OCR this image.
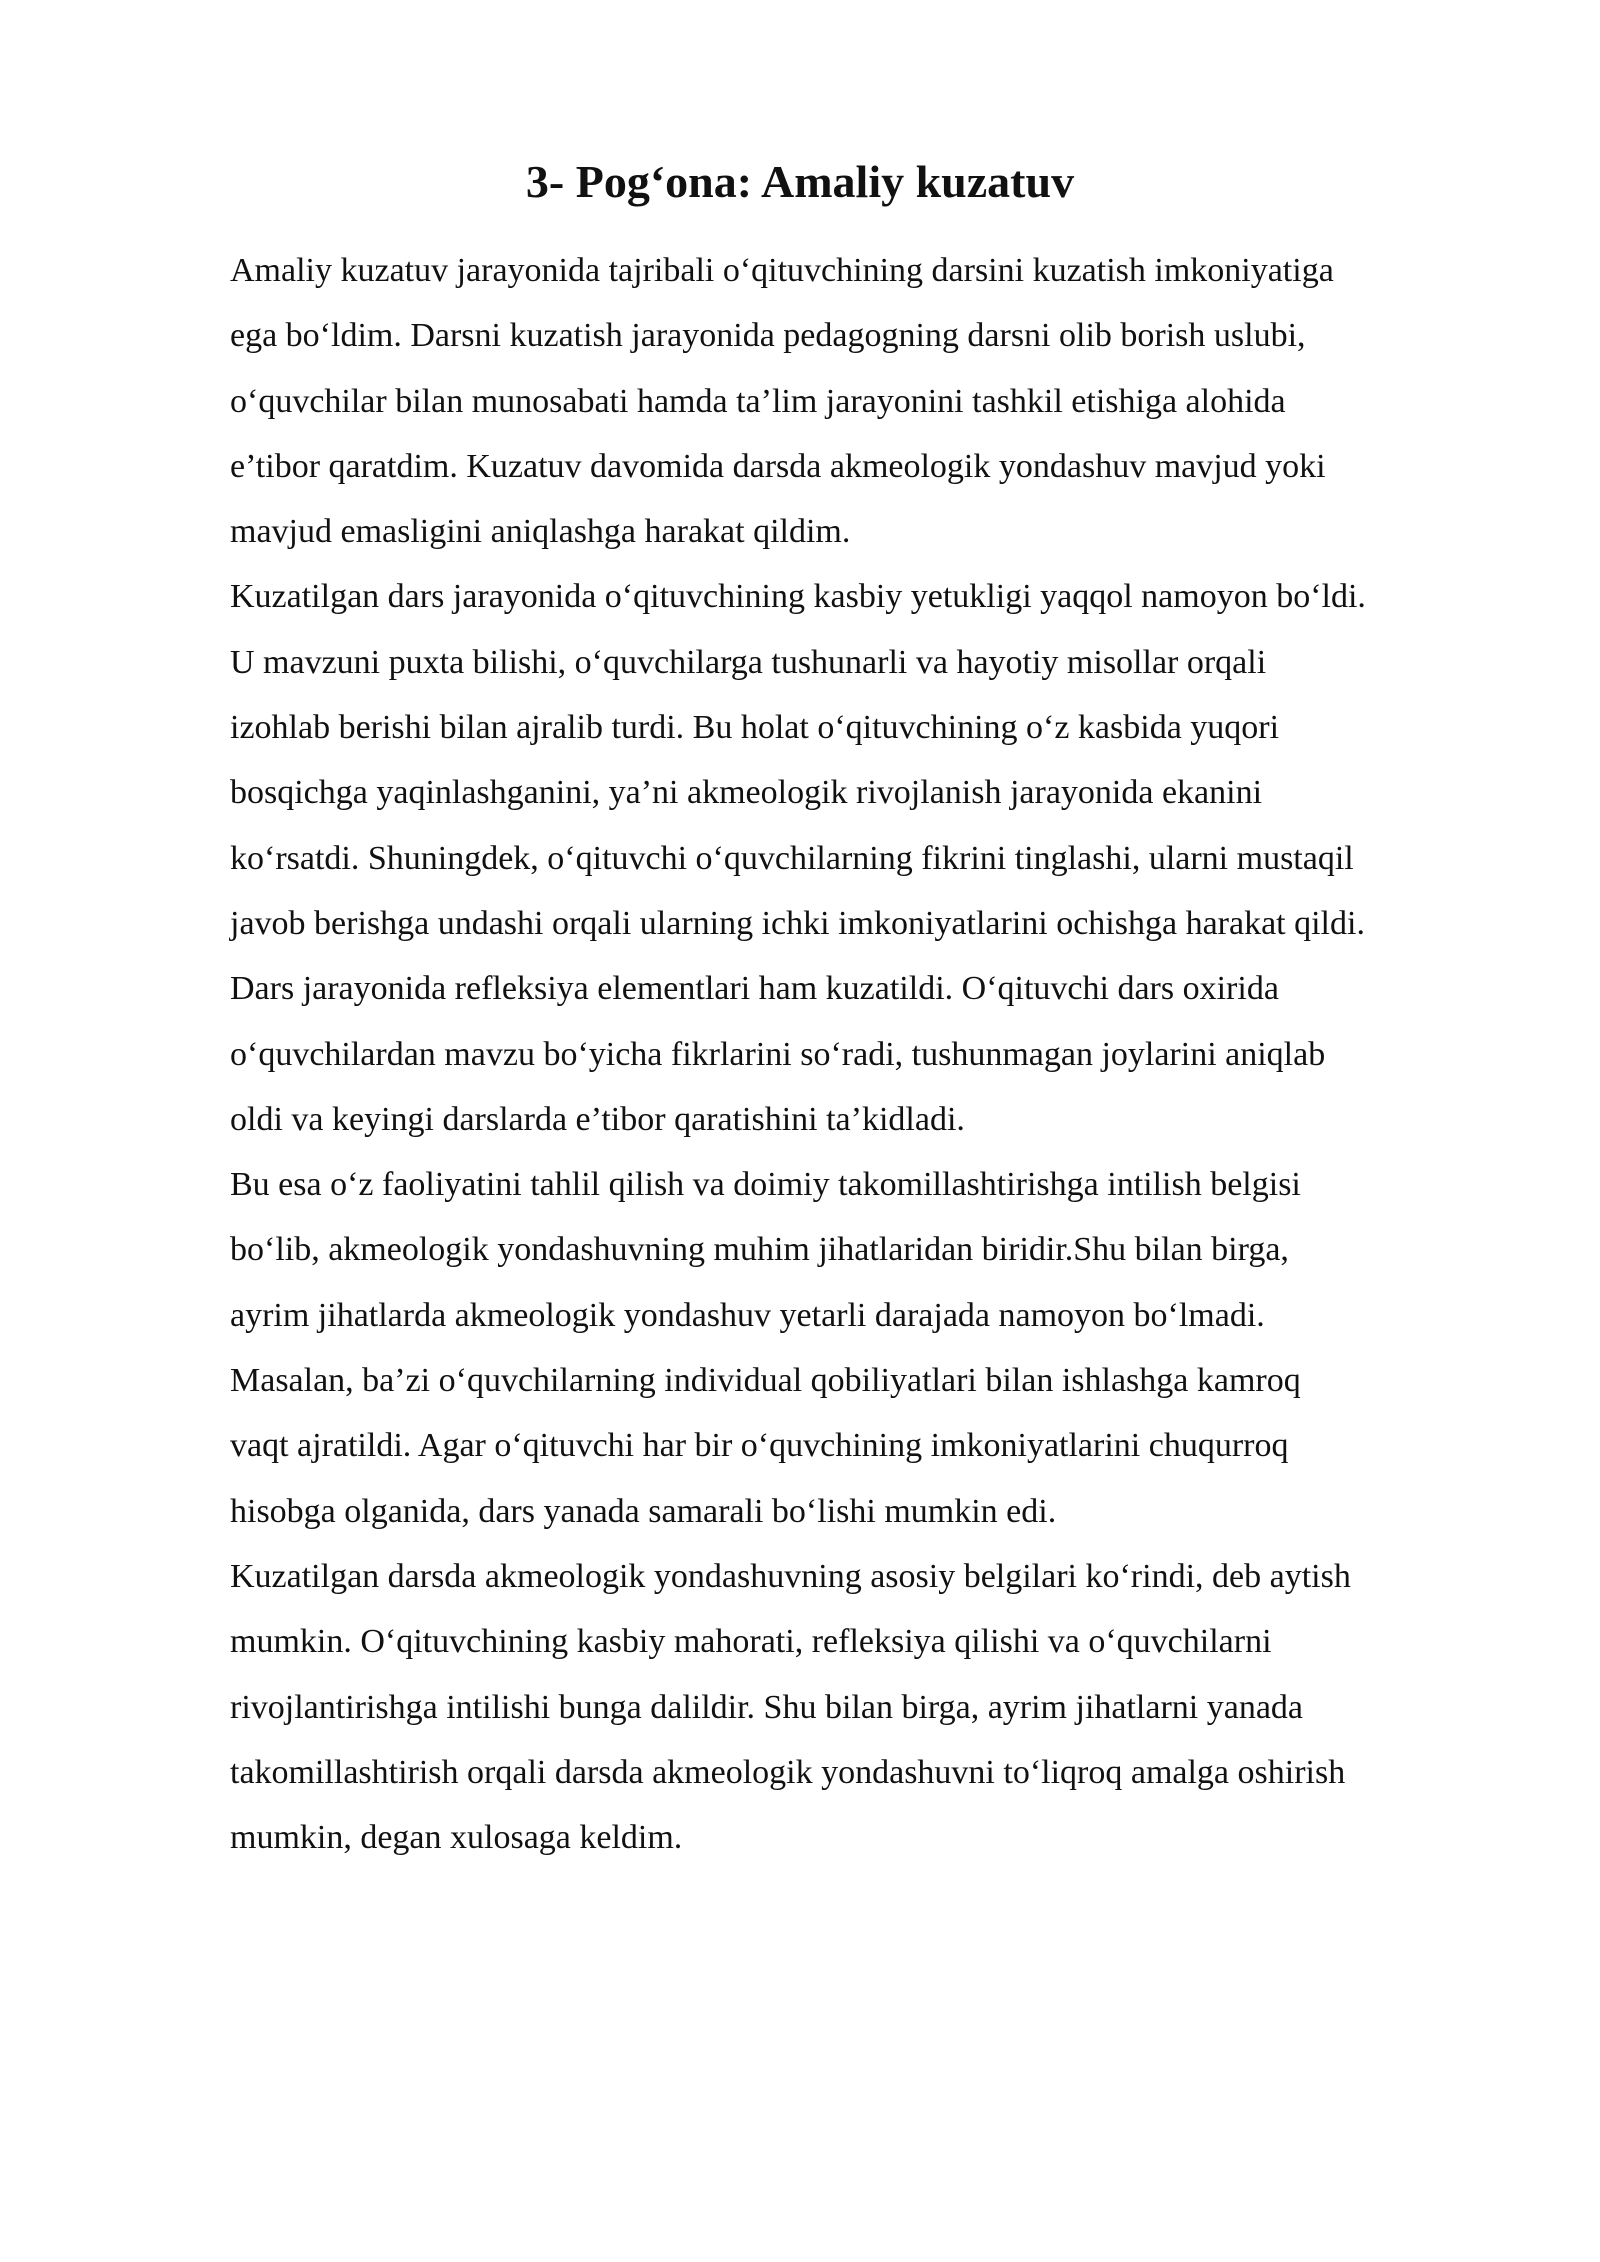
3- Pog‘ona: Amaliy kuzatuv
Amaliy kuzatuv jarayonida tajribali o‘qituvchining darsini kuzatish imkoniyatiga
ega bo‘ldim. Darsni kuzatish jarayonida pedagogning darsni olib borish uslubi,
o‘quvchilar bilan munosabati hamda ta’lim jarayonini tashkil etishiga alohida
e’tibor qaratdim. Kuzatuv davomida darsda akmeologik yondashuv mavjud yoki
mavjud emasligini aniqlashga harakat qildim.
Kuzatilgan dars jarayonida o‘qituvchining kasbiy yetukligi yaqqol namoyon bo‘ldi.
U mavzuni puxta bilishi, o‘quvchilarga tushunarli va hayotiy misollar orqali
izohlab berishi bilan ajralib turdi. Bu holat o‘qituvchining o‘z kasbida yuqori
bosqichga yaqinlashganini, ya’ni akmeologik rivojlanish jarayonida ekanini
ko‘rsatdi. Shuningdek, o‘qituvchi o‘quvchilarning fikrini tinglashi, ularni mustaqil
javob berishga undashi orqali ularning ichki imkoniyatlarini ochishga harakat qildi.
Dars jarayonida refleksiya elementlari ham kuzatildi. O‘qituvchi dars oxirida
o‘quvchilardan mavzu bo‘yicha fikrlarini so‘radi, tushunmagan joylarini aniqlab
oldi va keyingi darslarda e’tibor qaratishini ta’kidladi.
Bu esa o‘z faoliyatini tahlil qilish va doimiy takomillashtirishga intilish belgisi
bo‘lib, akmeologik yondashuvning muhim jihatlaridan biridir.Shu bilan birga,
ayrim jihatlarda akmeologik yondashuv yetarli darajada namoyon bo‘lmadi.
Masalan, ba’zi o‘quvchilarning individual qobiliyatlari bilan ishlashga kamroq
vaqt ajratildi. Agar o‘qituvchi har bir o‘quvchining imkoniyatlarini chuqurroq
hisobga olganida, dars yanada samarali bo‘lishi mumkin edi.
Kuzatilgan darsda akmeologik yondashuvning asosiy belgilari ko‘rindi, deb aytish
mumkin. O‘qituvchining kasbiy mahorati, refleksiya qilishi va o‘quvchilarni
rivojlantirishga intilishi bunga dalildir. Shu bilan birga, ayrim jihatlarni yanada
takomillashtirish orqali darsda akmeologik yondashuvni to‘liqroq amalga oshirish
mumkin, degan xulosaga keldim.
